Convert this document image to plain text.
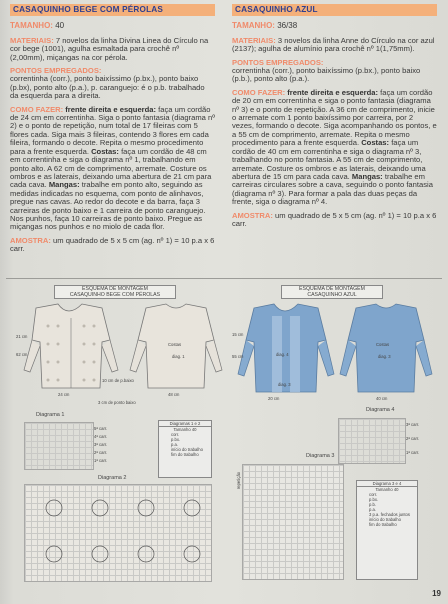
CASAQUINHO BEGE COM PÉROLAS

TAMANHO: 40

MATERIAIS: 7 novelos da linha Divina Linea do Círculo na cor bege (1001), agulha esmaltada para crochê nº (2,00mm), miçangas na cor pérola.

PONTOS EMPREGADOS:
correntinha (corr.), ponto baixíssimo (p.bx.), ponto baixo (p.bx), ponto alto (p.a.), p. caranguejo: é o p.b. trabalhado da esquerda para a direita.

COMO FAZER: frente direita e esquerda: faça um cordão de 24 cm em correntinha. Siga o ponto fantasia (diagrama nº 2) e o ponto de repetição, num total de 17 fileiras com 5 flores cada. Siga mais 3 fileiras, contendo 3 flores em cada fileira, formando o decote. Repita o mesmo procedimento para a frente esquerda. Costas: faça um cordão de 48 cm em correntinha e siga o diagrama nº 1, trabalhando em ponto alto. A 62 cm de comprimento, arremate. Costure os ombros e as laterais, deixando uma abertura de 21 cm para cada cava. Mangas: trabalhe em ponto alto, seguindo as medidas indicadas no esquema, com ponto de alinhavos, pregue nas cavas. Ao redor do decote e da barra, faça 3 carreiras de ponto baixo e 1 carreira de ponto caranguejo. Nos punhos, faça 10 carreiras de ponto baixo. Pregue as miçangas nos punhos e no miolo de cada flor.

AMOSTRA: um quadrado de 5 x 5 cm (ag. nº 1) = 10 p.a x 6 carr.

CASAQUINHO AZUL

TAMANHO: 36/38

MATERIAIS: 3 novelos da linha Anne do Círculo na cor azul (2137); agulha de alumínio para crochê nº 1(1,75mm).

PONTOS EMPREGADOS:
correntinha (corr.), ponto baixíssimo (p.bx.), ponto baixo (p.b.), ponto alto (p.a.).

COMO FAZER: frente direita e esquerda: faça um cordão de 20 cm em correntinha e siga o ponto fantasia (diagrama nº 3) e o ponto de repetição. A 36 cm de comprimento, inicie o arremate com 1 ponto baixíssimo por carreira, por 2 vezes, formando o decote. Siga acompanhando os pontos, e a 55 cm de comprimento, arremate. Repita o mesmo procedimento para a frente esquerda. Costas: faça um cordão de 40 cm em correntinha e siga o diagrama nº 3, trabalhando no ponto fantasia. A 55 cm de comprimento, arremate. Costure os ombros e as laterais, deixando uma abertura de 15 cm para cada cava. Mangas: trabalhe em carreiras circulares sobre a cava, seguindo o ponto fantasia (diagrama nº 3). Para formar a pala das duas peças da frente, siga o diagrama nº 4.

AMOSTRA: um quadrado de 5 x 5 cm (ag. nº 1) = 10 p.a x 6 carr.

ESQUEMA DE MONTAGEM
CASAQUINHO BEGE COM PÉROLAS
ESQUEMA DE MONTAGEM
CASAQUINHO AZUL
24 cm	48 cm
10 cm de p.baixo
3 cm de ponto baixo
Costas
diag. 1
62 cm
21 cm
20 cm	40 cm
55 cm
15 cm
Costas
diag. 3
diag. 4
diag. 3
Diagrama 1
5ª carr.
4ª carr.
3ª carr.
2ª carr.
1ª carr.
Diagramas 1 e 2
Tamanho 40
corr.
p.bx.
p.a.
início do trabalho
fim do trabalho
Diagrama 2
Diagrama 3
repetição
Diagrama 4
3ª carr.
2ª carr.
1ª carr.
Diagrama 3 e 4
Tamanho 40
corr.
p.bx.
p.b.
p.a.
3 p.a. fechados juntos
início do trabalho
fim do trabalho
19
